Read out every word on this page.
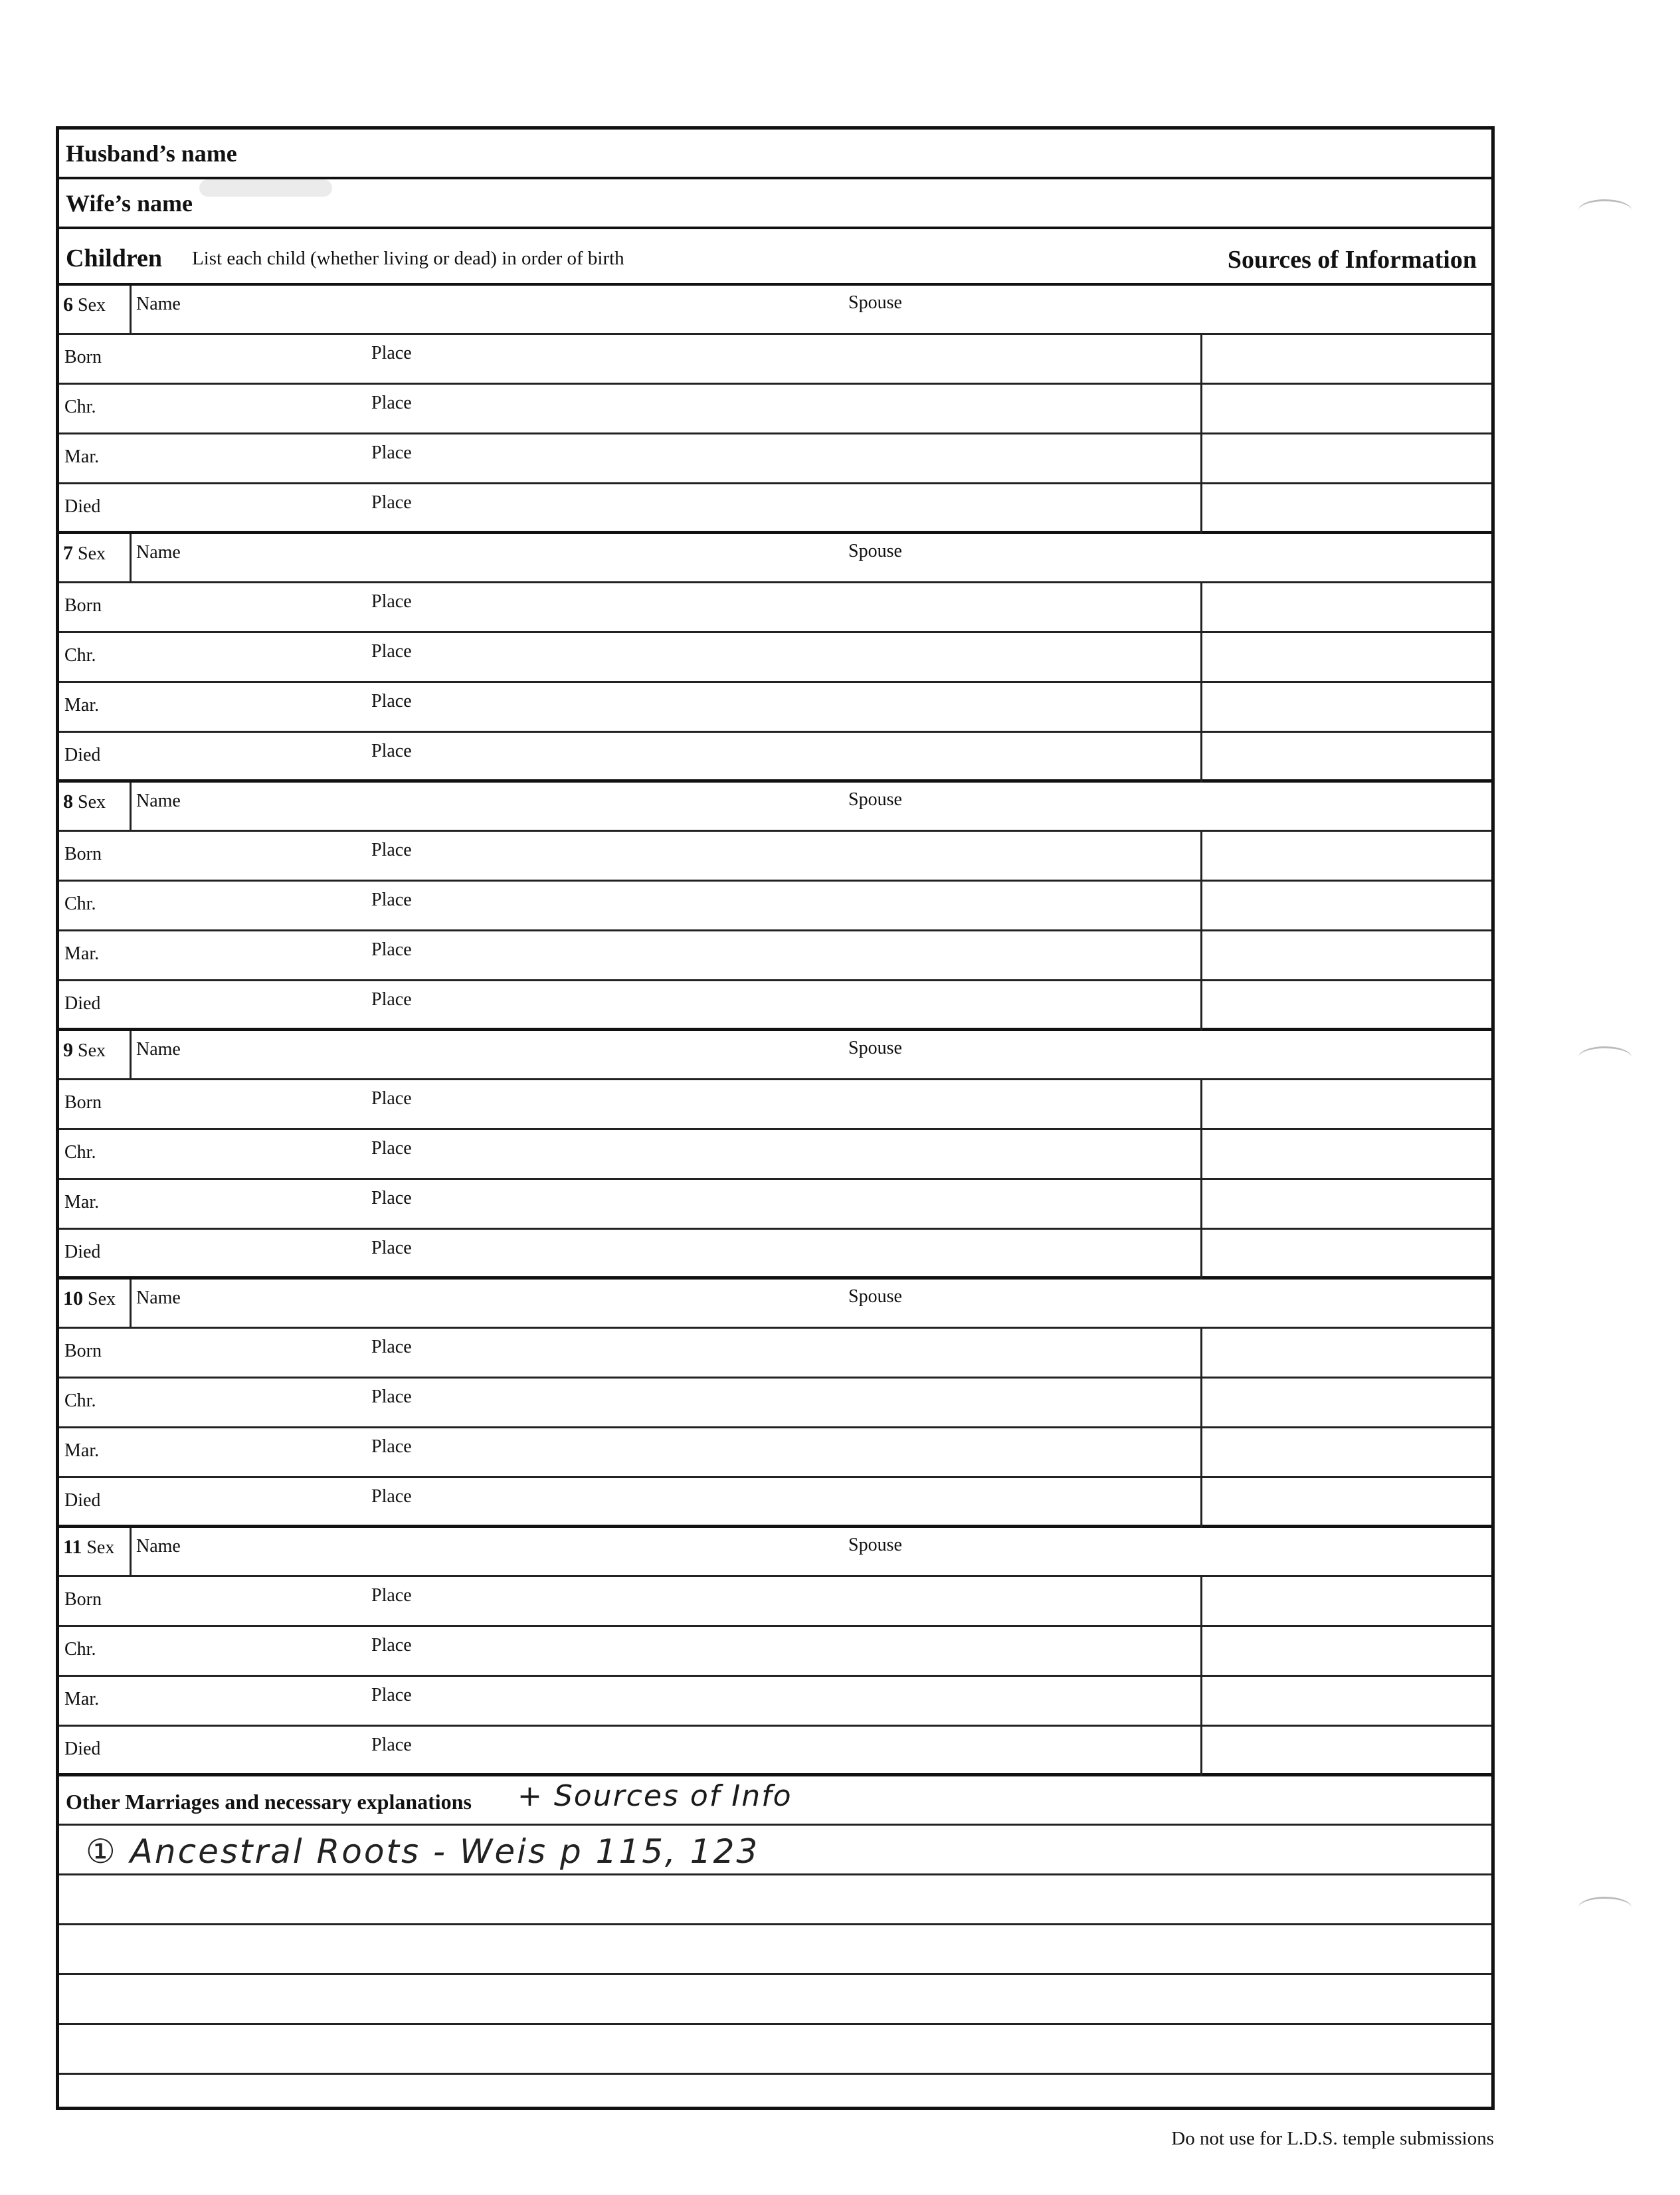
Husband’s name
Wife’s name
Children List each child (whether living or dead) in order of birth	Sources of Information
6 Sex Name	Spouse
Born	Place
Chr.	Place
Mar.	Place
Died	Place
7 Sex Name	Spouse
Born	Place
Chr.	Place
Mar.	Place
Died	Place
8 Sex Name	Spouse
Born	Place
Chr.	Place
Mar.	Place
Died	Place
9 Sex Name	Spouse
Born	Place
Chr.	Place
Mar.	Place
Died	Place
10 Sex Name	Spouse
Born	Place
Chr.	Place
Mar.	Place
Died	Place
11 Sex Name	Spouse
Born	Place
Chr.	Place
Mar.	Place
Died	Place
Other Marriages and necessary explanations + Sources of Info
① Ancestral Roots - Weis p 115, 123
Do not use for L.D.S. temple submissions
